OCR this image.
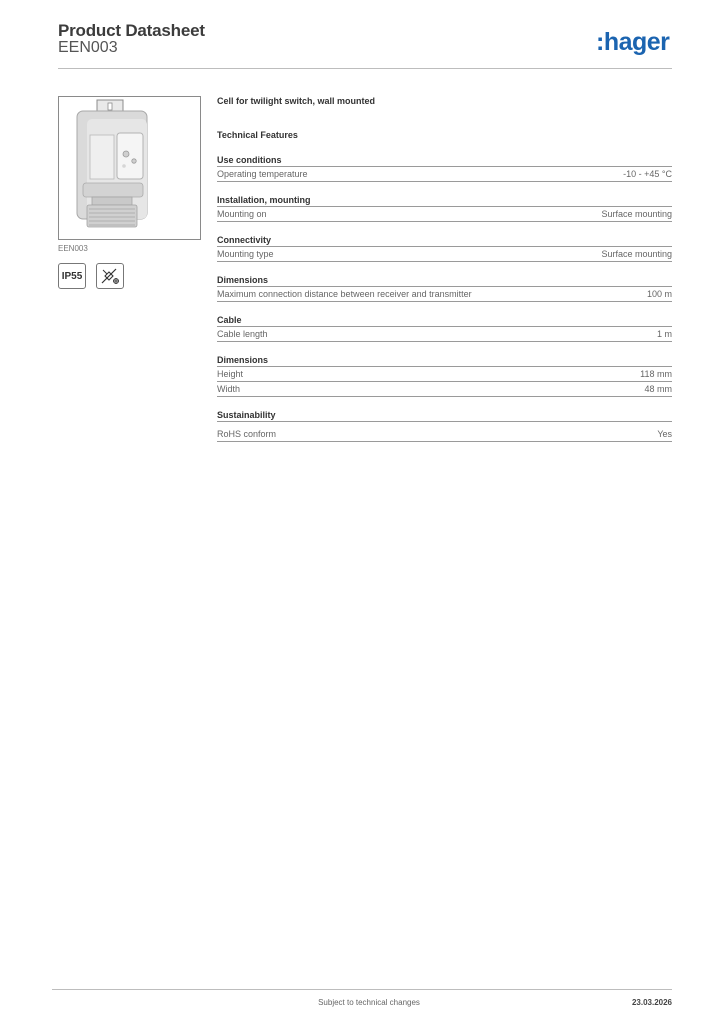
Product Datasheet
EEN003	:hager
EEN003
IP55
Cell for twilight switch, wall mounted
Technical Features
Use conditions
Operating temperature	-10 - +45 °C
Installation, mounting
Mounting on	Surface mounting
Connectivity
Mounting type	Surface mounting
Dimensions
Maximum connection distance between receiver and transmitter	100 m
Cable
Cable length	1 m
Dimensions
Height	118 mm
Width	48 mm
Sustainability
RoHS conform	Yes
Subject to technical changes	23.03.2026
